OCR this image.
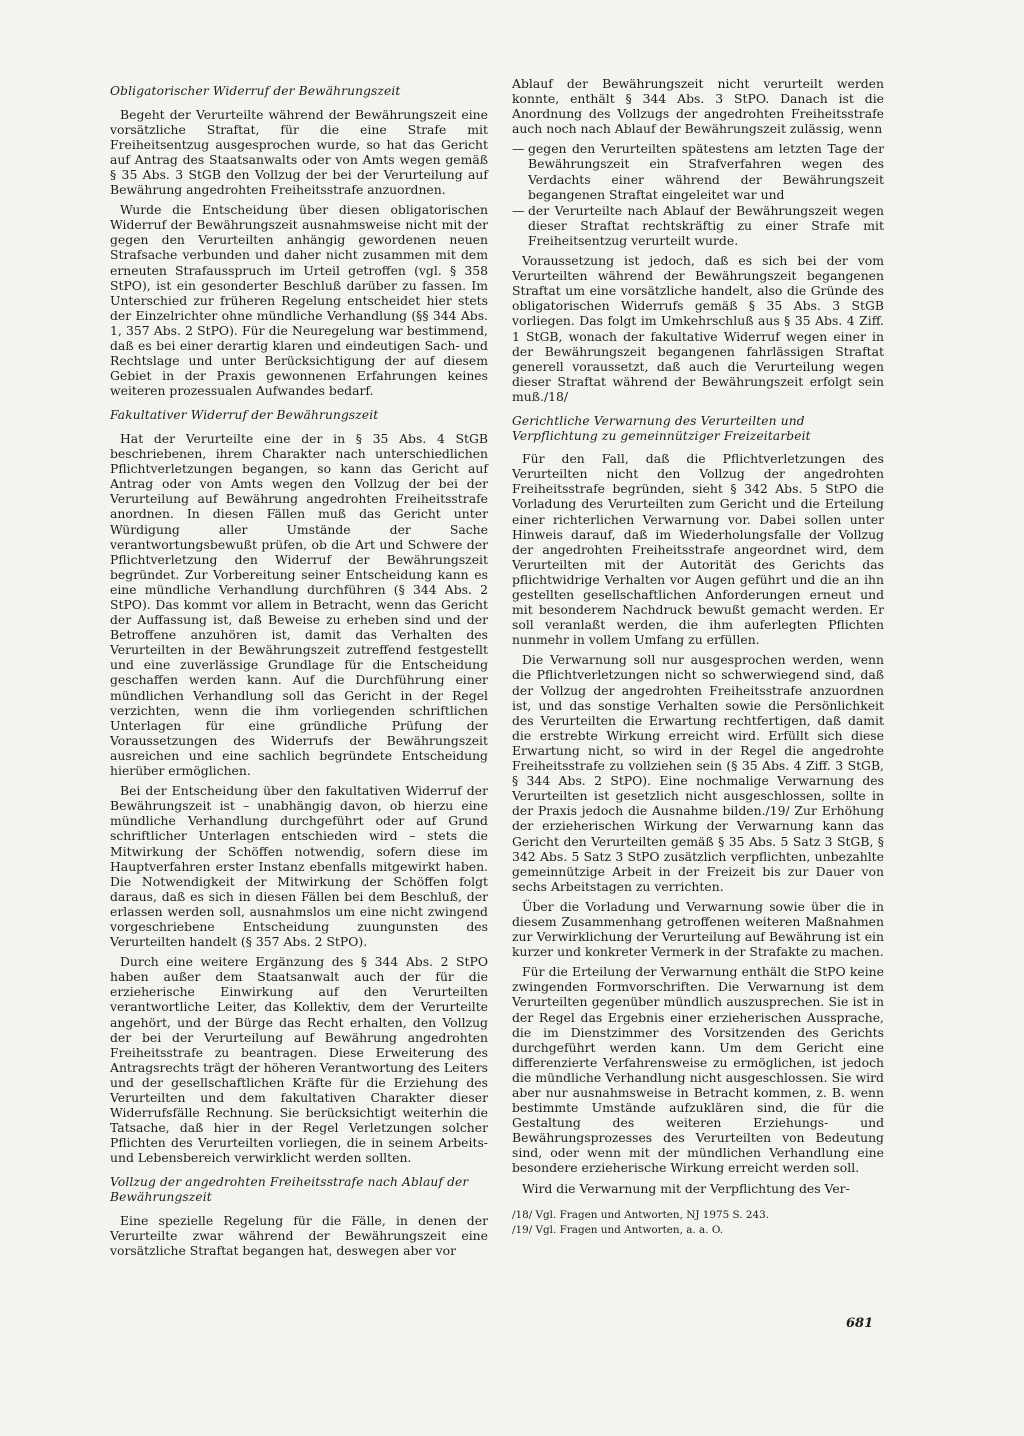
Obligatorischer Widerruf der Bewährungszeit

Begeht der Verurteilte während der Bewährungszeit eine vorsätzliche Straftat, für die eine Strafe mit Freiheitsentzug ausgesprochen wurde, so hat das Gericht auf Antrag des Staatsanwalts oder von Amts wegen gemäß § 35 Abs. 3 StGB den Vollzug der bei der Verurteilung auf Bewährung angedrohten Freiheitsstrafe anzuordnen.

Wurde die Entscheidung über diesen obligatorischen Widerruf der Bewährungszeit ausnahmsweise nicht mit der gegen den Verurteilten anhängig gewordenen neuen Strafsache verbunden und daher nicht zusammen mit dem erneuten Strafausspruch im Urteil getroffen (vgl. § 358 StPO), ist ein gesonderter Beschluß darüber zu fassen. Im Unterschied zur früheren Regelung entscheidet hier stets der Einzelrichter ohne mündliche Verhandlung (§§ 344 Abs. 1, 357 Abs. 2 StPO). Für die Neuregelung war bestimmend, daß es bei einer derartig klaren und eindeutigen Sach- und Rechtslage und unter Berücksichtigung der auf diesem Gebiet in der Praxis gewonnenen Erfahrungen keines weiteren prozessualen Aufwandes bedarf.

Fakultativer Widerruf der Bewährungszeit

Hat der Verurteilte eine der in § 35 Abs. 4 StGB beschriebenen, ihrem Charakter nach unterschiedlichen Pflichtverletzungen begangen, so kann das Gericht auf Antrag oder von Amts wegen den Vollzug der bei der Verurteilung auf Bewährung angedrohten Freiheitsstrafe anordnen. In diesen Fällen muß das Gericht unter Würdigung aller Umstände der Sache verantwortungsbewußt prüfen, ob die Art und Schwere der Pflichtverletzung den Widerruf der Bewährungszeit begründet. Zur Vorbereitung seiner Entscheidung kann es eine mündliche Verhandlung durchführen (§ 344 Abs. 2 StPO). Das kommt vor allem in Betracht, wenn das Gericht der Auffassung ist, daß Beweise zu erheben sind und der Betroffene anzuhören ist, damit das Verhalten des Verurteilten in der Bewährungszeit zutreffend festgestellt und eine zuverlässige Grundlage für die Entscheidung geschaffen werden kann. Auf die Durchführung einer mündlichen Verhandlung soll das Gericht in der Regel verzichten, wenn die ihm vorliegenden schriftlichen Unterlagen für eine gründliche Prüfung der Voraussetzungen des Widerrufs der Bewährungszeit ausreichen und eine sachlich begründete Entscheidung hierüber ermöglichen.

Bei der Entscheidung über den fakultativen Widerruf der Bewährungszeit ist – unabhängig davon, ob hierzu eine mündliche Verhandlung durchgeführt oder auf Grund schriftlicher Unterlagen entschieden wird – stets die Mitwirkung der Schöffen notwendig, sofern diese im Hauptverfahren erster Instanz ebenfalls mitgewirkt haben. Die Notwendigkeit der Mitwirkung der Schöffen folgt daraus, daß es sich in diesen Fällen bei dem Beschluß, der erlassen werden soll, ausnahmslos um eine nicht zwingend vorgeschriebene Entscheidung zuungunsten des Verurteilten handelt (§ 357 Abs. 2 StPO).

Durch eine weitere Ergänzung des § 344 Abs. 2 StPO haben außer dem Staatsanwalt auch der für die erzieherische Einwirkung auf den Verurteilten verantwortliche Leiter, das Kollektiv, dem der Verurteilte angehört, und der Bürge das Recht erhalten, den Vollzug der bei der Verurteilung auf Bewährung angedrohten Freiheitsstrafe zu beantragen. Diese Erweiterung des Antragsrechts trägt der höheren Verantwortung des Leiters und der gesellschaftlichen Kräfte für die Erziehung des Verurteilten und dem fakultativen Charakter dieser Widerrufsfälle Rechnung. Sie berücksichtigt weiterhin die Tatsache, daß hier in der Regel Verletzungen solcher Pflichten des Verurteilten vorliegen, die in seinem Arbeits- und Lebensbereich verwirklicht werden sollten.

Vollzug der angedrohten Freiheitsstrafe nach Ablauf der Bewährungszeit

Eine spezielle Regelung für die Fälle, in denen der Verurteilte zwar während der Bewährungszeit eine vorsätzliche Straftat begangen hat, deswegen aber vor

Ablauf der Bewährungszeit nicht verurteilt werden konnte, enthält § 344 Abs. 3 StPO. Danach ist die Anordnung des Vollzugs der angedrohten Freiheitsstrafe auch noch nach Ablauf der Bewährungszeit zulässig, wenn

— gegen den Verurteilten spätestens am letzten Tage der Bewährungszeit ein Strafverfahren wegen des Verdachts einer während der Bewährungszeit begangenen Straftat eingeleitet war und
— der Verurteilte nach Ablauf der Bewährungszeit wegen dieser Straftat rechtskräftig zu einer Strafe mit Freiheitsentzug verurteilt wurde.

Voraussetzung ist jedoch, daß es sich bei der vom Verurteilten während der Bewährungszeit begangenen Straftat um eine vorsätzliche handelt, also die Gründe des obligatorischen Widerrufs gemäß § 35 Abs. 3 StGB vorliegen. Das folgt im Umkehrschluß aus § 35 Abs. 4 Ziff. 1 StGB, wonach der fakultative Widerruf wegen einer in der Bewährungszeit begangenen fahrlässigen Straftat generell voraussetzt, daß auch die Verurteilung wegen dieser Straftat während der Bewährungszeit erfolgt sein muß./18/

Gerichtliche Verwarnung des Verurteilten und Verpflichtung zu gemeinnütziger Freizeitarbeit

Für den Fall, daß die Pflichtverletzungen des Verurteilten nicht den Vollzug der angedrohten Freiheitsstrafe begründen, sieht § 342 Abs. 5 StPO die Vorladung des Verurteilten zum Gericht und die Erteilung einer richterlichen Verwarnung vor. Dabei sollen unter Hinweis darauf, daß im Wiederholungsfalle der Vollzug der angedrohten Freiheitsstrafe angeordnet wird, dem Verurteilten mit der Autorität des Gerichts das pflichtwidrige Verhalten vor Augen geführt und die an ihn gestellten gesellschaftlichen Anforderungen erneut und mit besonderem Nachdruck bewußt gemacht werden. Er soll veranlaßt werden, die ihm auferlegten Pflichten nunmehr in vollem Umfang zu erfüllen.

Die Verwarnung soll nur ausgesprochen werden, wenn die Pflichtverletzungen nicht so schwerwiegend sind, daß der Vollzug der angedrohten Freiheitsstrafe anzuordnen ist, und das sonstige Verhalten sowie die Persönlichkeit des Verurteilten die Erwartung rechtfertigen, daß damit die erstrebte Wirkung erreicht wird. Erfüllt sich diese Erwartung nicht, so wird in der Regel die angedrohte Freiheitsstrafe zu vollziehen sein (§ 35 Abs. 4 Ziff. 3 StGB, § 344 Abs. 2 StPO). Eine nochmalige Verwarnung des Verurteilten ist gesetzlich nicht ausgeschlossen, sollte in der Praxis jedoch die Ausnahme bilden./19/ Zur Erhöhung der erzieherischen Wirkung der Verwarnung kann das Gericht den Verurteilten gemäß § 35 Abs. 5 Satz 3 StGB, § 342 Abs. 5 Satz 3 StPO zusätzlich verpflichten, unbezahlte gemeinnützige Arbeit in der Freizeit bis zur Dauer von sechs Arbeitstagen zu verrichten.

Über die Vorladung und Verwarnung sowie über die in diesem Zusammenhang getroffenen weiteren Maßnahmen zur Verwirklichung der Verurteilung auf Bewährung ist ein kurzer und konkreter Vermerk in der Strafakte zu machen.

Für die Erteilung der Verwarnung enthält die StPO keine zwingenden Formvorschriften. Die Verwarnung ist dem Verurteilten gegenüber mündlich auszusprechen. Sie ist in der Regel das Ergebnis einer erzieherischen Aussprache, die im Dienstzimmer des Vorsitzenden des Gerichts durchgeführt werden kann. Um dem Gericht eine differenzierte Verfahrensweise zu ermöglichen, ist jedoch die mündliche Verhandlung nicht ausgeschlossen. Sie wird aber nur ausnahmsweise in Betracht kommen, z. B. wenn bestimmte Umstände aufzuklären sind, die für die Gestaltung des weiteren Erziehungs- und Bewährungsprozesses des Verurteilten von Bedeutung sind, oder wenn mit der mündlichen Verhandlung eine besondere erzieherische Wirkung erreicht werden soll.

Wird die Verwarnung mit der Verpflichtung des Ver-

/18/ Vgl. Fragen und Antworten, NJ 1975 S. 243.

/19/ Vgl. Fragen und Antworten, a. a. O.

681
